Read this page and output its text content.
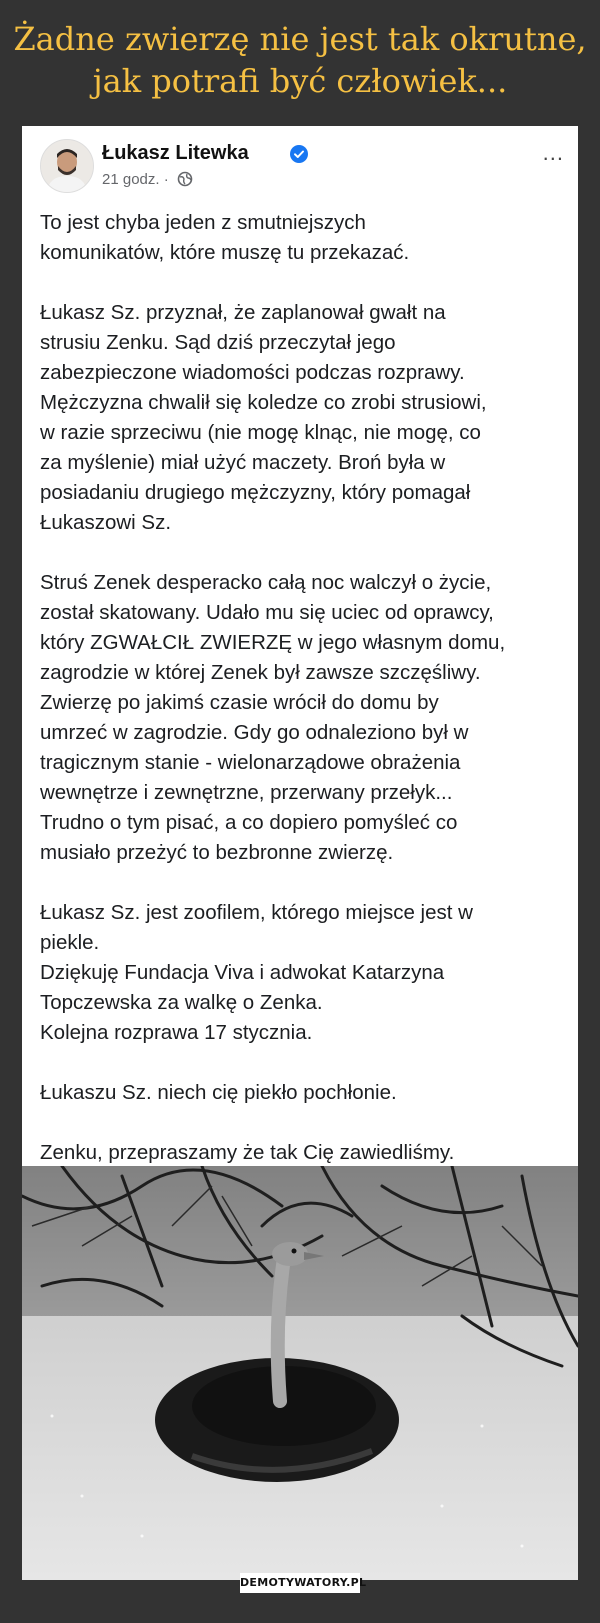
Żadne zwierzę nie jest tak okrutne,
jak potrafi być człowiek...
Łukasz Litewka
21 godz. ·
...

To jest chyba jeden z smutniejszych
komunikatów, które muszę tu przekazać.

Łukasz Sz. przyznał, że zaplanował gwałt na
strusiu Zenku. Sąd dziś przeczytał jego
zabezpieczone wiadomości podczas rozprawy.
Mężczyzna chwalił się koledze co zrobi strusiowi,
w razie sprzeciwu (nie mogę klnąc, nie mogę, co
za myślenie) miał użyć maczety. Broń była w
posiadaniu drugiego mężczyzny, który pomagał
Łukaszowi Sz.

Struś Zenek desperacko całą noc walczył o życie,
został skatowany. Udało mu się uciec od oprawcy,
który ZGWAŁCIŁ ZWIERZĘ w jego własnym domu,
zagrodzie w której Zenek był zawsze szczęśliwy.
Zwierzę po jakimś czasie wrócił do domu by
umrzeć w zagrodzie. Gdy go odnaleziono był w
tragicznym stanie - wielonarządowe obrażenia
wewnętrze i zewnętrzne, przerwany przełyk...
Trudno o tym pisać, a co dopiero pomyśleć co
musiało przeżyć to bezbronne zwierzę.

Łukasz Sz. jest zoofilem, którego miejsce jest w
piekle.
Dziękuję Fundacja Viva i adwokat Katarzyna
Topczewska za walkę o Zenka.
Kolejna rozprawa 17 stycznia.

Łukaszu Sz. niech cię piekło pochłonie.

Zenku, przepraszamy że tak Cię zawiedliśmy.

DEMOTYWATORY.PL
